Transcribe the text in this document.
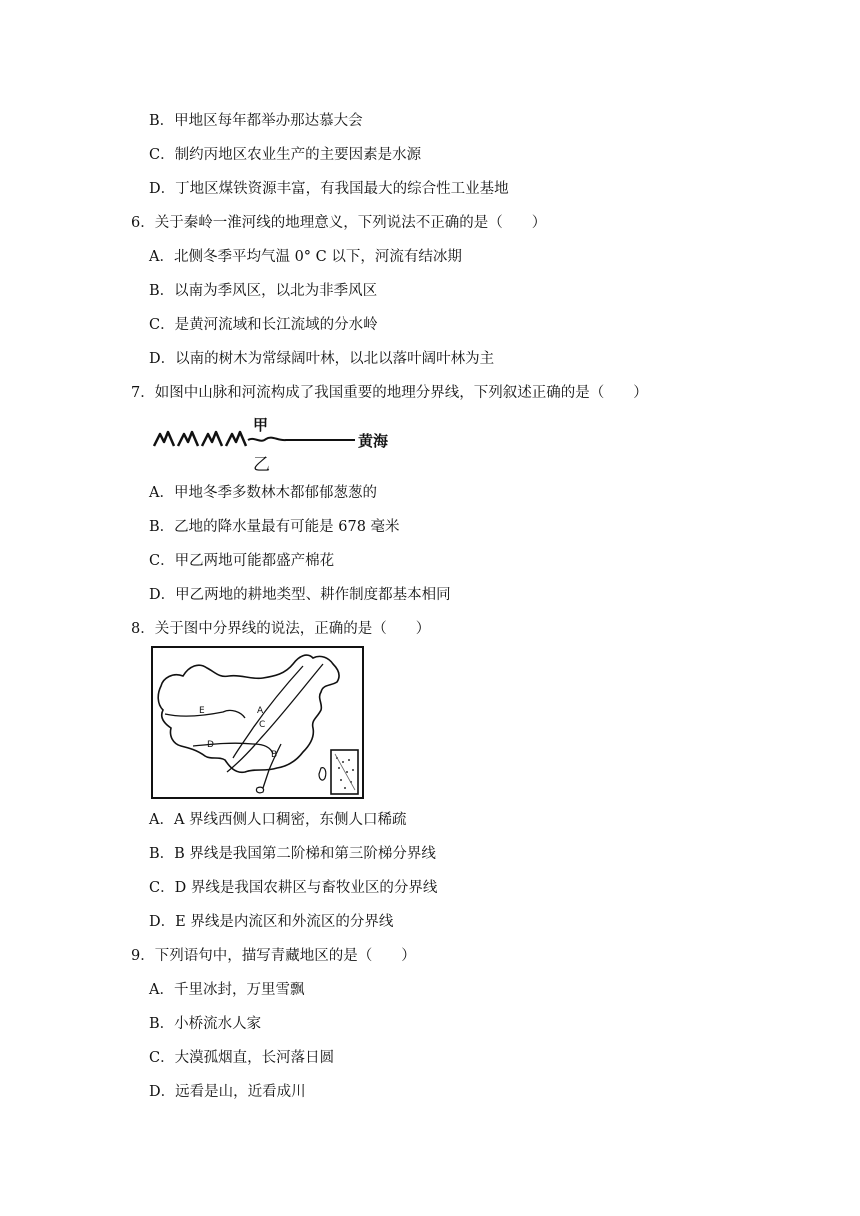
B．甲地区每年都举办那达慕大会
C．制约丙地区农业生产的主要因素是水源
D．丁地区煤铁资源丰富，有我国最大的综合性工业基地
6．关于秦岭一淮河线的地理意义，下列说法不正确的是（　　）
A．北侧冬季平均气温 0° C 以下，河流有结冰期
B．以南为季风区，以北为非季风区
C．是黄河流域和长江流域的分水岭
D．以南的树木为常绿阔叶林，以北以落叶阔叶林为主
7．如图中山脉和河流构成了我国重要的地理分界线，下列叙述正确的是（　　）
甲
乙
黄海
A．甲地冬季多数林木都郁郁葱葱的
B．乙地的降水量最有可能是 678 毫米
C．甲乙两地可能都盛产棉花
D．甲乙两地的耕地类型、耕作制度都基本相同
8．关于图中分界线的说法，正确的是（　　）
A
B
C
D
E
A．A 界线西侧人口稠密，东侧人口稀疏
B．B 界线是我国第二阶梯和第三阶梯分界线
C．D 界线是我国农耕区与畜牧业区的分界线
D．E 界线是内流区和外流区的分界线
9．下列语句中，描写青藏地区的是（　　）
A．千里冰封，万里雪飘
B．小桥流水人家
C．大漠孤烟直，长河落日圆
D．远看是山，近看成川
